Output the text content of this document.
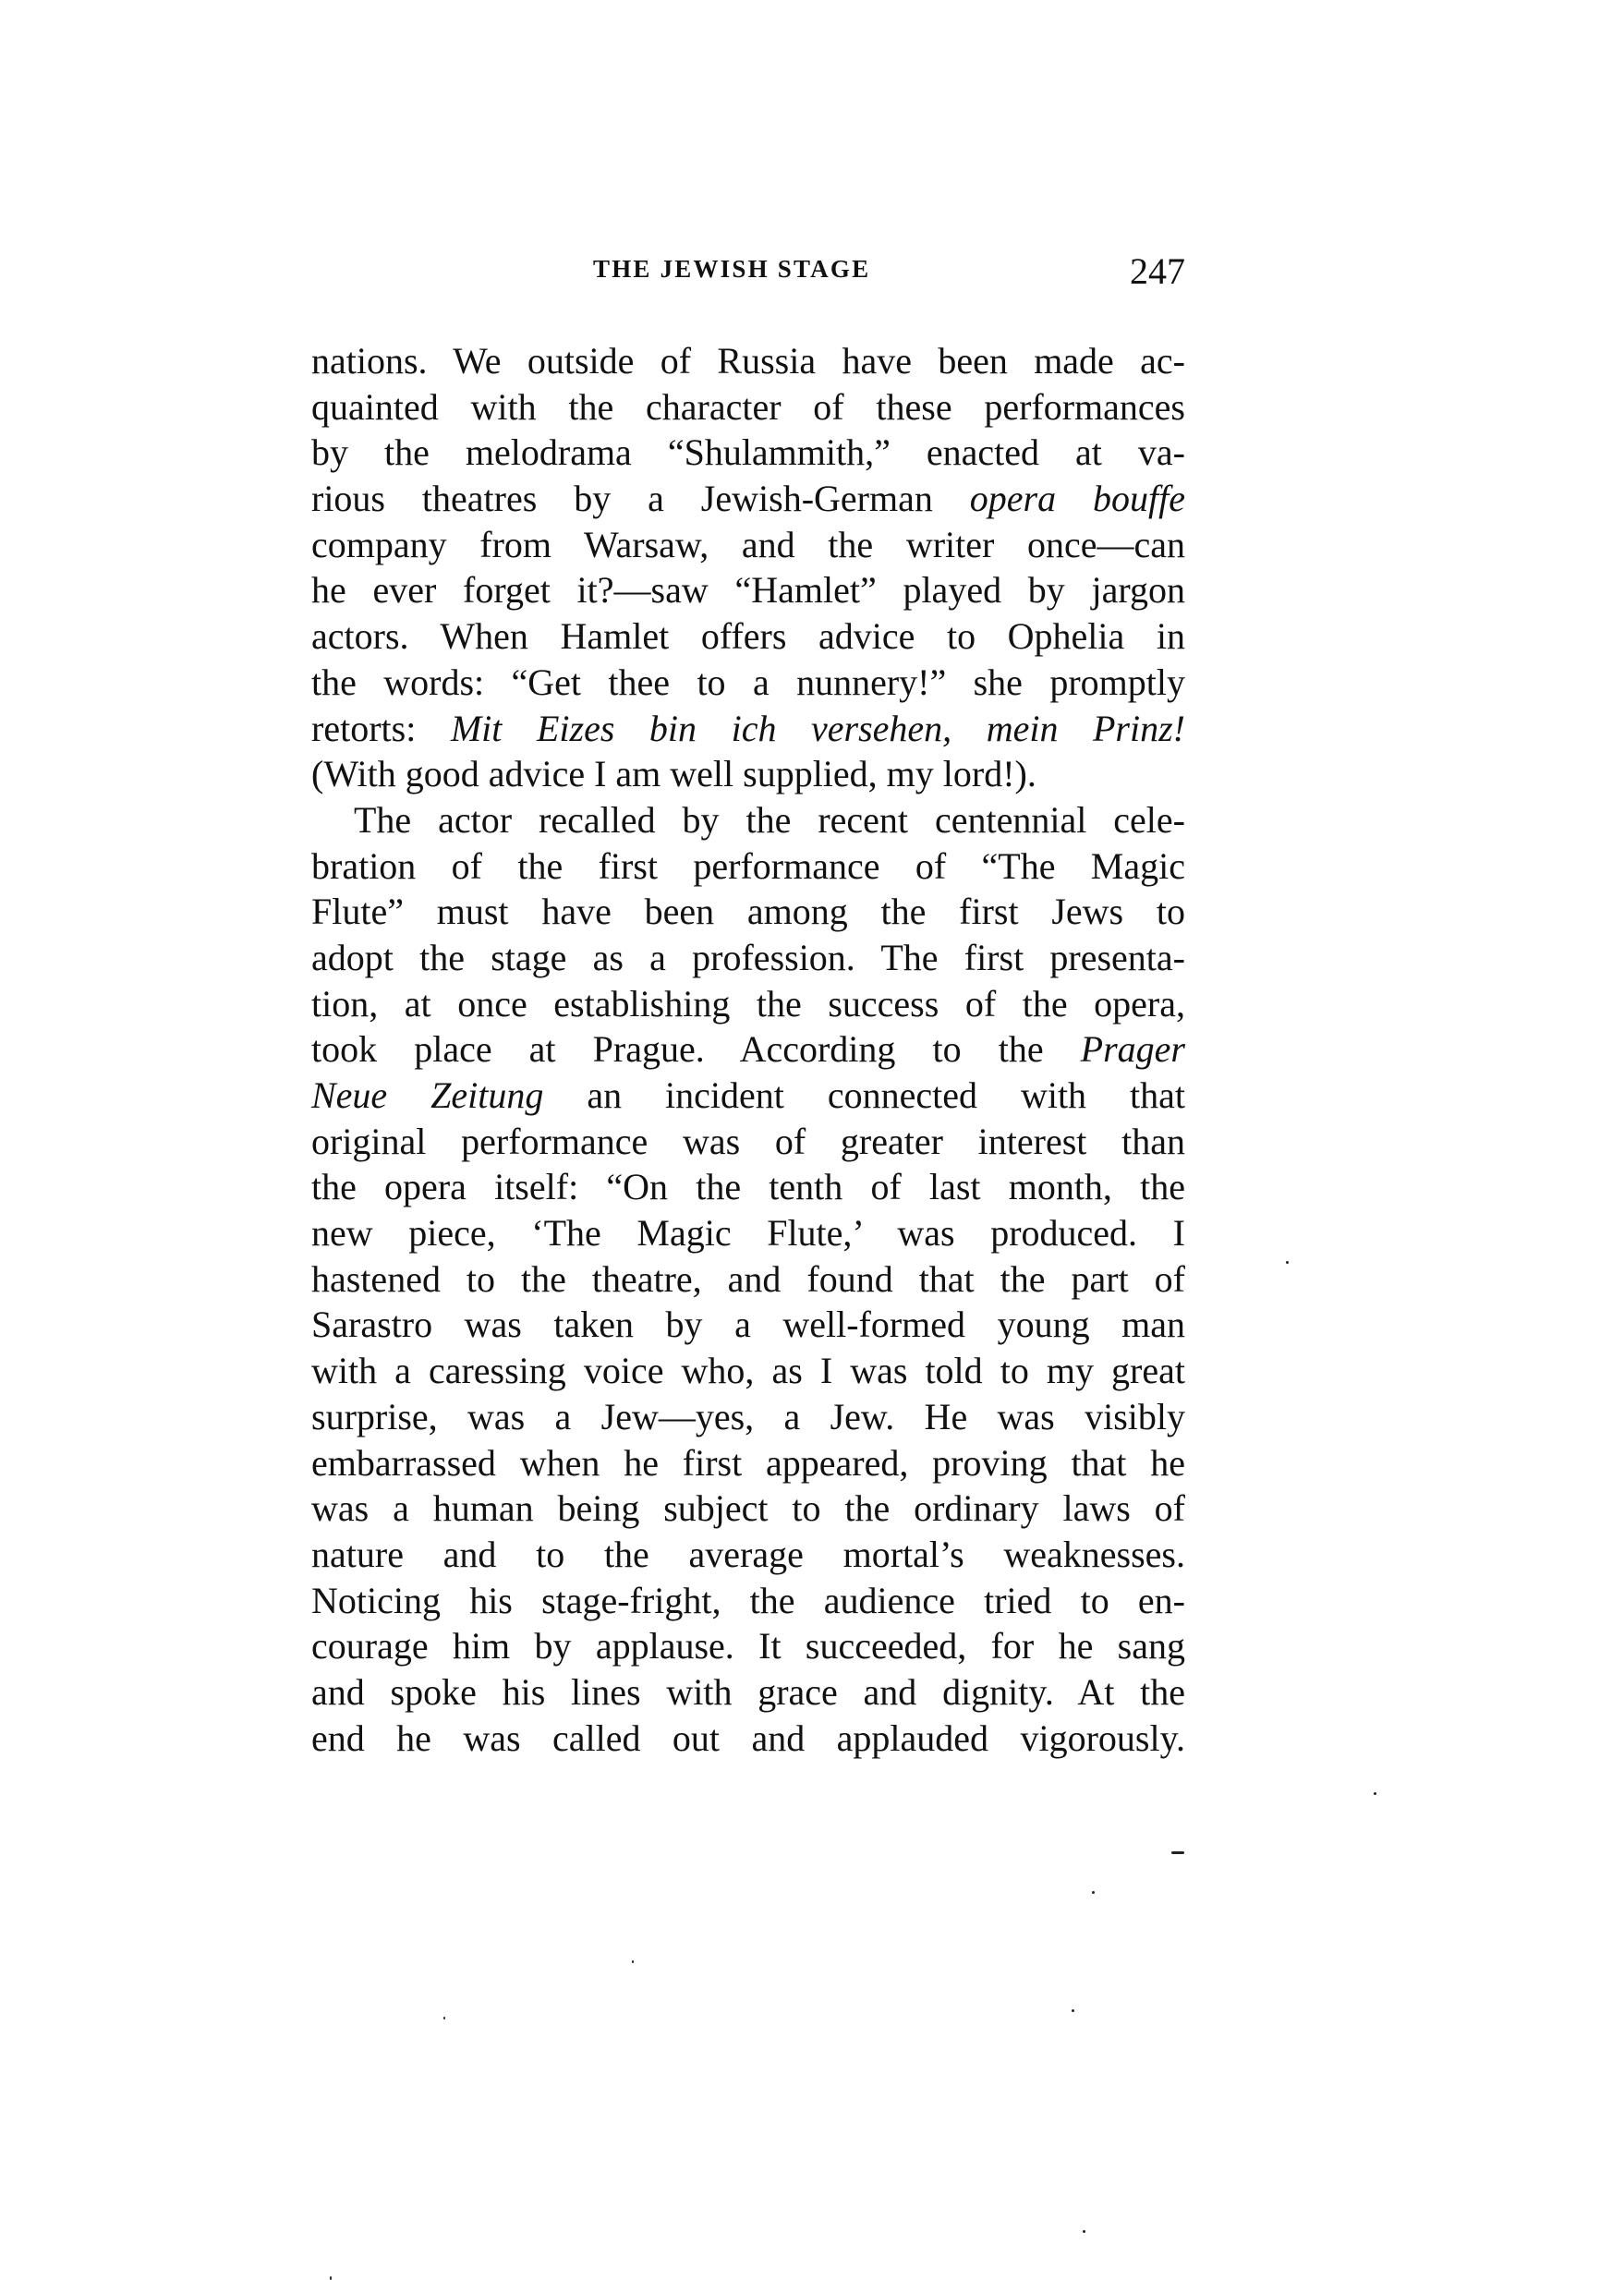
THE JEWISH STAGE	247
nations. We outside of Russia have been made ac-
quainted with the character of these performances
by the melodrama “Shulammith,” enacted at va-
rious theatres by a Jewish-German opera bouffe
company from Warsaw, and the writer once—can
he ever forget it?—saw “Hamlet” played by jargon
actors. When Hamlet offers advice to Ophelia in
the words: “Get thee to a nunnery!” she promptly
retorts: Mit Eizes bin ich versehen, mein Prinz!
(With good advice I am well supplied, my lord!).
The actor recalled by the recent centennial cele-
bration of the first performance of “The Magic
Flute” must have been among the first Jews to
adopt the stage as a profession. The first presenta-
tion, at once establishing the success of the opera,
took place at Prague. According to the Prager
Neue Zeitung an incident connected with that
original performance was of greater interest than
the opera itself: “On the tenth of last month, the
new piece, ‘The Magic Flute,’ was produced. I
hastened to the theatre, and found that the part of
Sarastro was taken by a well-formed young man
with a caressing voice who, as I was told to my great
surprise, was a Jew—yes, a Jew. He was visibly
embarrassed when he first appeared, proving that he
was a human being subject to the ordinary laws of
nature and to the average mortal’s weaknesses.
Noticing his stage-fright, the audience tried to en-
courage him by applause. It succeeded, for he sang
and spoke his lines with grace and dignity. At the
end he was called out and applauded vigorously.
